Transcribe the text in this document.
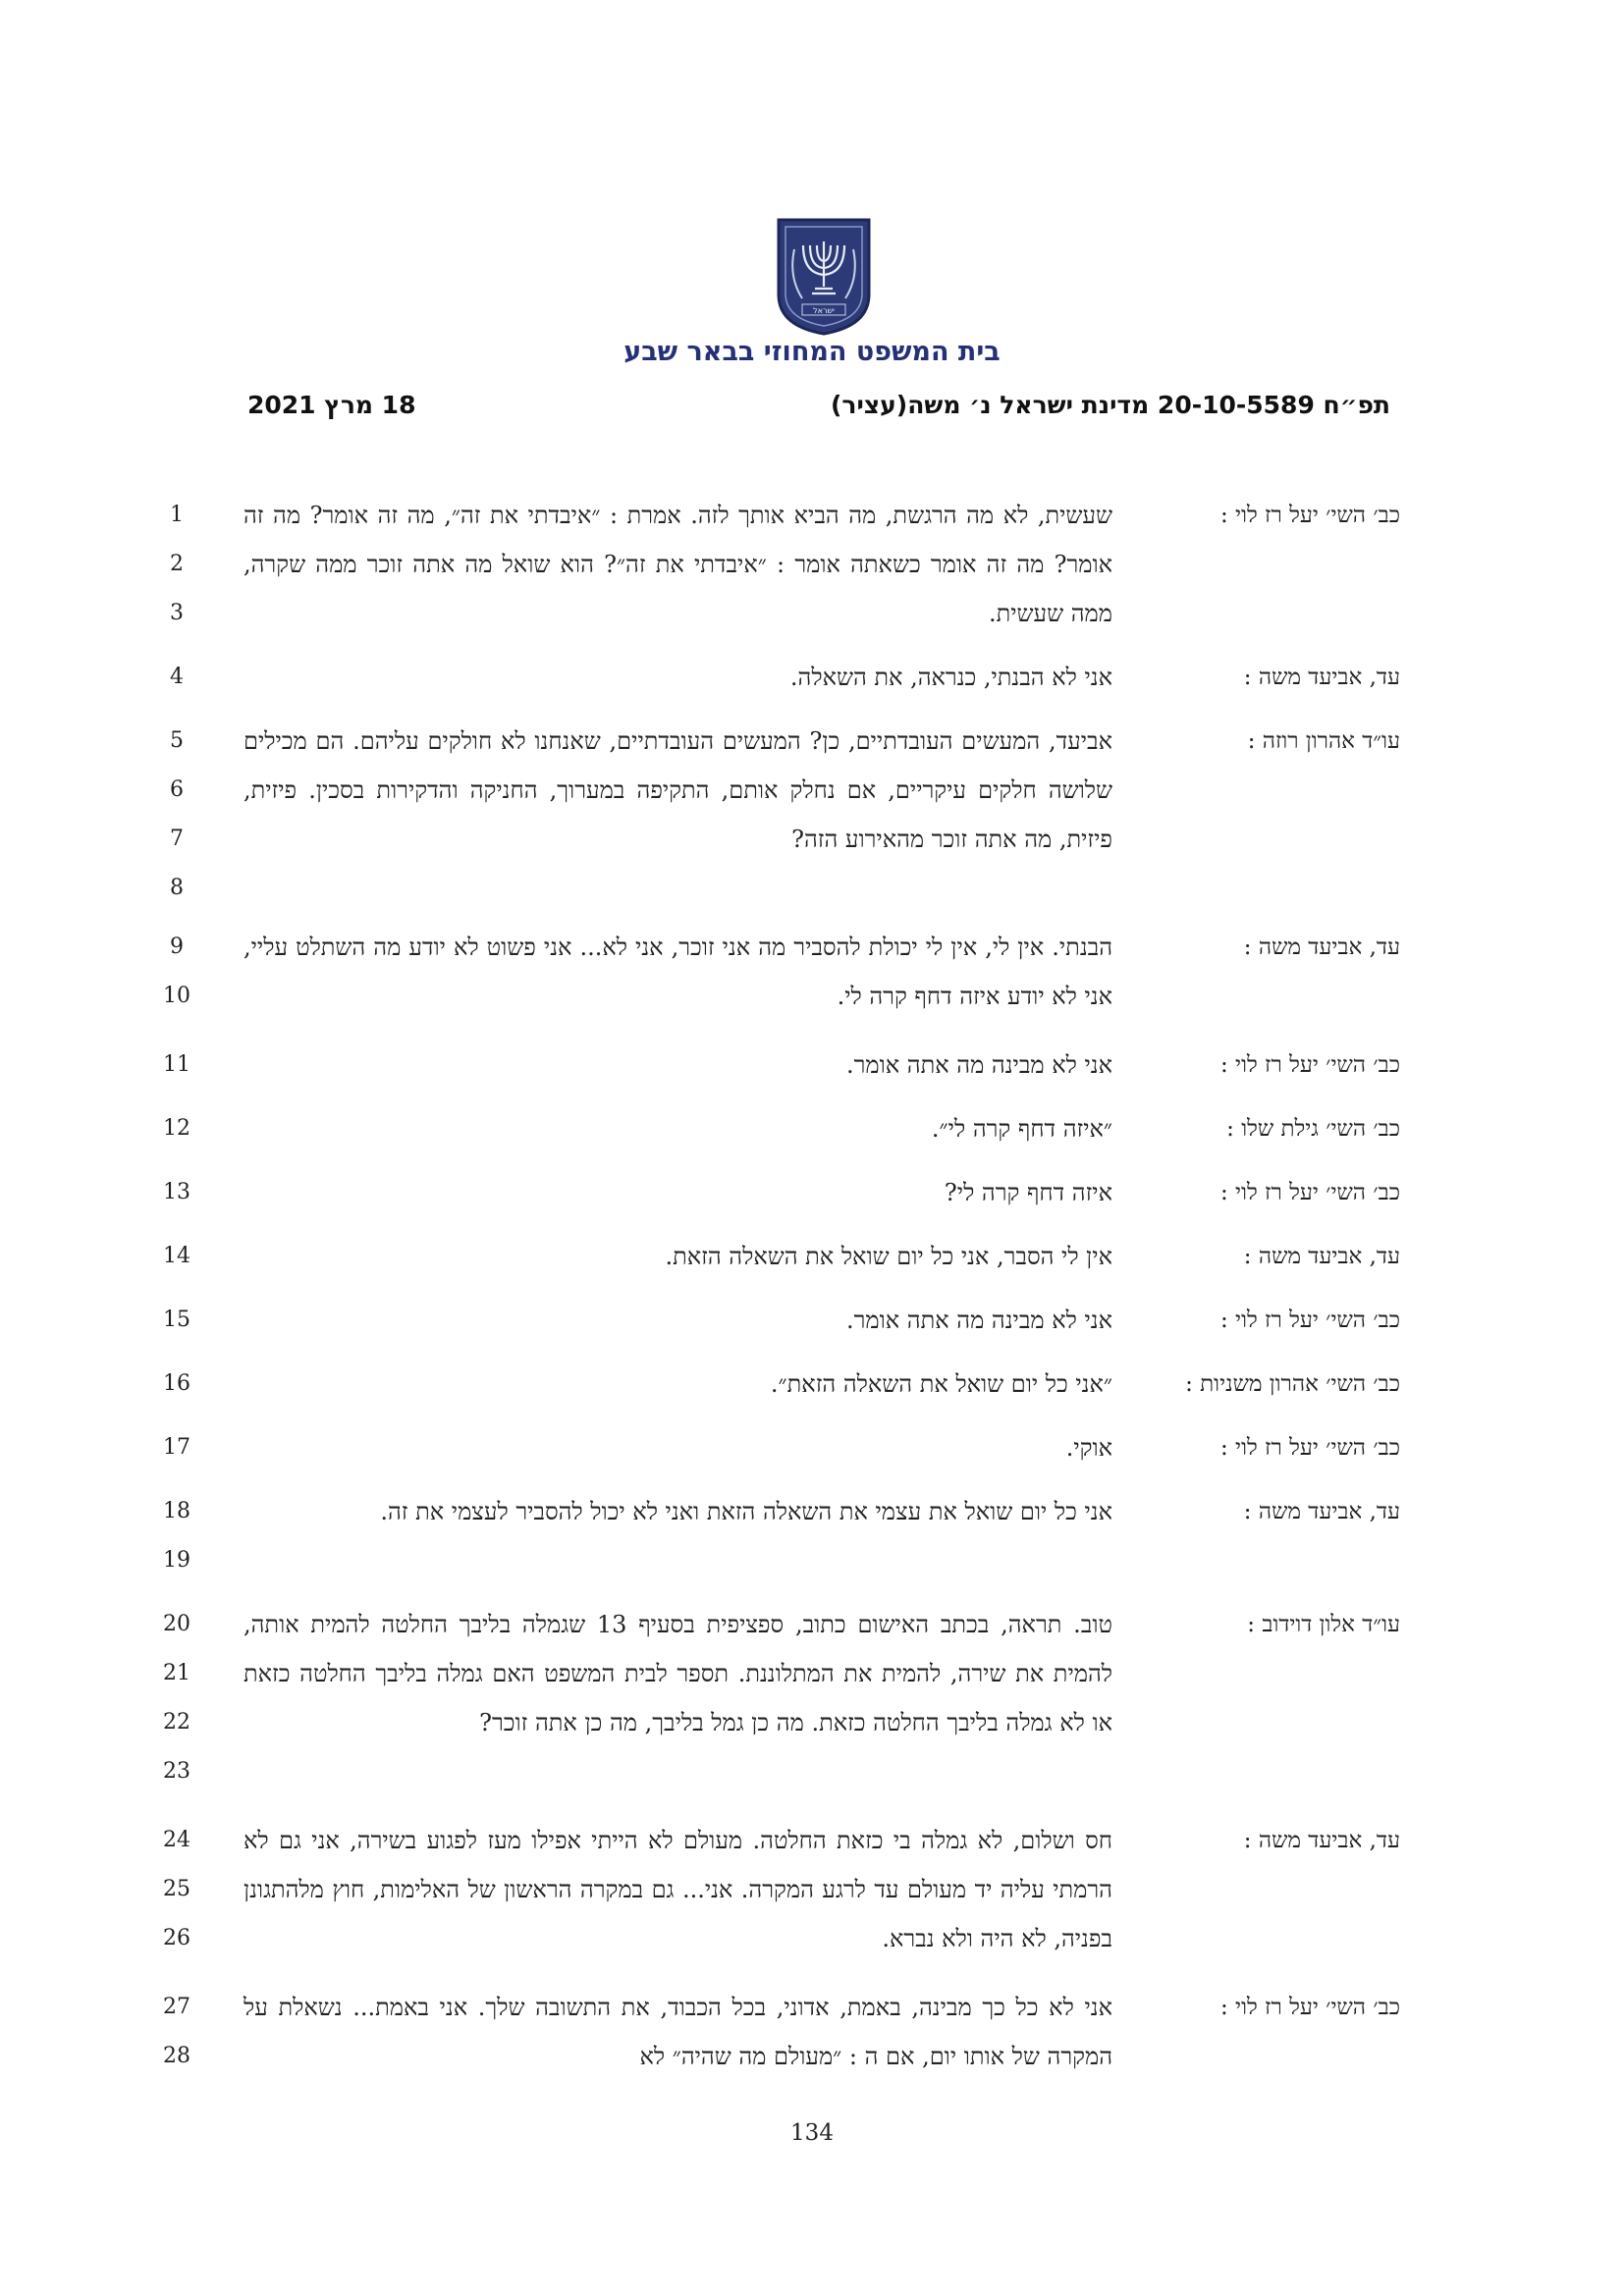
ישראל
בית המשפט המחוזי בבאר שבע
תפ״ח 20-10-5589 מדינת ישראל נ׳ משה(עציר)
18 מרץ 2021
כב׳ השי׳ יעל רז לוי :
שעשית, לא מה הרגשת, מה הביא אותך לזה. אמרת : ״איבדתי את זה״, מה זה אומר? מה זה אומר? מה זה אומר כשאתה אומר : ״איבדתי את זה״? הוא שואל מה אתה זוכר ממה שקרה, ממה שעשית.
1
2
3
עד, אביעד משה :
אני לא הבנתי, כנראה, את השאלה.
4
עו״ד אהרון רוזה :
אביעד, המעשים העובדתיים, כן? המעשים העובדתיים, שאנחנו לא חולקים עליהם. הם מכילים שלושה חלקים עיקריים, אם נחלק אותם, התקיפה במערוך, החניקה והדקירות בסכין. פיזית, פיזית, מה אתה זוכר מהאירוע הזה?
5
6
7
8
עד, אביעד משה :
הבנתי. אין לי, אין לי יכולת להסביר מה אני זוכר, אני לא... אני פשוט לא יודע מה השתלט עליי, אני לא יודע איזה דחף קרה לי.
9
10
כב׳ השי׳ יעל רז לוי :
אני לא מבינה מה אתה אומר.
11
כב׳ השי׳ גילת שלו :
״איזה דחף קרה לי״.
12
כב׳ השי׳ יעל רז לוי :
איזה דחף קרה לי?
13
עד, אביעד משה :
אין לי הסבר, אני כל יום שואל את השאלה הזאת.
14
כב׳ השי׳ יעל רז לוי :
אני לא מבינה מה אתה אומר.
15
כב׳ השי׳ אהרון משניות :
״אני כל יום שואל את השאלה הזאת״.
16
כב׳ השי׳ יעל רז לוי :
אוקי.
17
עד, אביעד משה :
אני כל יום שואל את עצמי את השאלה הזאת ואני לא יכול להסביר לעצמי את זה.
18
19
עו״ד אלון דוידוב :
טוב. תראה, בכתב האישום כתוב, ספציפית בסעיף 13 שגמלה בליבך החלטה להמית אותה, להמית את שירה, להמית את המתלוננת. תספר לבית המשפט האם גמלה בליבך החלטה כזאת או לא גמלה בליבך החלטה כזאת. מה כן גמל בליבך, מה כן אתה זוכר?
20
21
22
23
עד, אביעד משה :
חס ושלום, לא גמלה בי כזאת החלטה. מעולם לא הייתי אפילו מעז לפגוע בשירה, אני גם לא הרמתי עליה יד מעולם עד לרגע המקרה. אני... גם במקרה הראשון של האלימות, חוץ מלהתגונן בפניה, לא היה ולא נברא.
24
25
26
כב׳ השי׳ יעל רז לוי :
אני לא כל כך מבינה, באמת, אדוני, בכל הכבוד, את התשובה שלך. אני באמת... נשאלת על המקרה של אותו יום, אם ה : ״מעולם מה שהיה״ לא
27
28
134
